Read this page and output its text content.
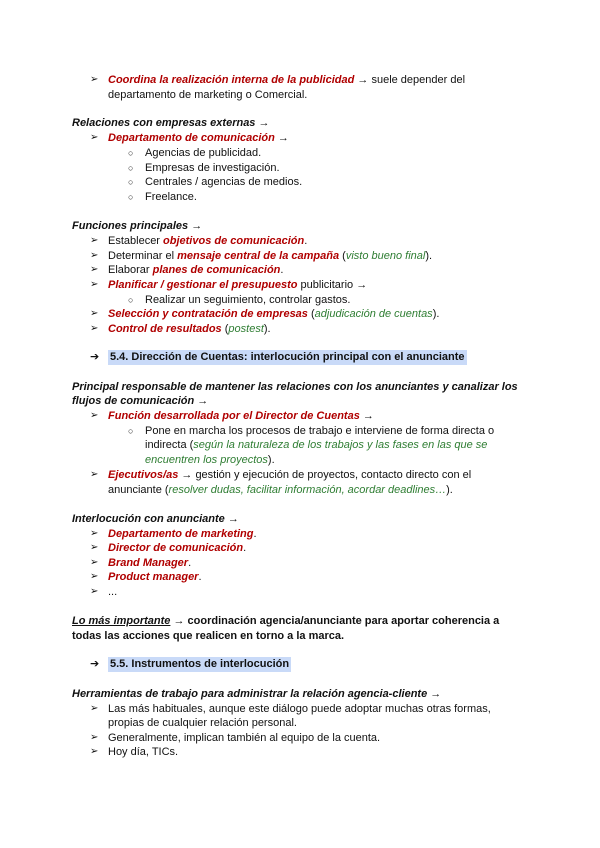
➢ Coordina la realización interna de la publicidad → suele depender del
departamento de marketing o Comercial.
Relaciones con empresas externas →
➢ Departamento de comunicación →
○	Agencias de publicidad.
○	Empresas de investigación.
○	Centrales / agencias de medios.
○	Freelance.
Funciones principales →
➢ Establecer objetivos de comunicación.
➢ Determinar el mensaje central de la campaña (visto bueno final).
➢ Elaborar planes de comunicación.
➢ Planificar / gestionar el presupuesto publicitario →
○	Realizar un seguimiento, controlar gastos.
➢ Selección y contratación de empresas (adjudicación de cuentas).
➢ Control de resultados (postest).
➔ 5.4. Dirección de Cuentas: interlocución principal con el anunciante
Principal responsable de mantener las relaciones con los anunciantes y canalizar los
flujos de comunicación →
➢ Función desarrollada por el Director de Cuentas →
○	Pone en marcha los procesos de trabajo e interviene de forma directa o
indirecta (según la naturaleza de los trabajos y las fases en las que se
encuentren los proyectos).
➢ Ejecutivos/as → gestión y ejecución de proyectos, contacto directo con el
anunciante (resolver dudas, facilitar información, acordar deadlines…).
Interlocución con anunciante →
➢ Departamento de marketing.
➢ Director de comunicación.
➢ Brand Manager.
➢ Product manager.
➢ ...
Lo más importante → coordinación agencia/anunciante para aportar coherencia a
todas las acciones que realicen en torno a la marca.
➔ 5.5. Instrumentos de interlocución
Herramientas de trabajo para administrar la relación agencia-cliente →
➢ Las más habituales, aunque este diálogo puede adoptar muchas otras formas,
propias de cualquier relación personal.
➢ Generalmente, implican también al equipo de la cuenta.
➢ Hoy día, TICs.
